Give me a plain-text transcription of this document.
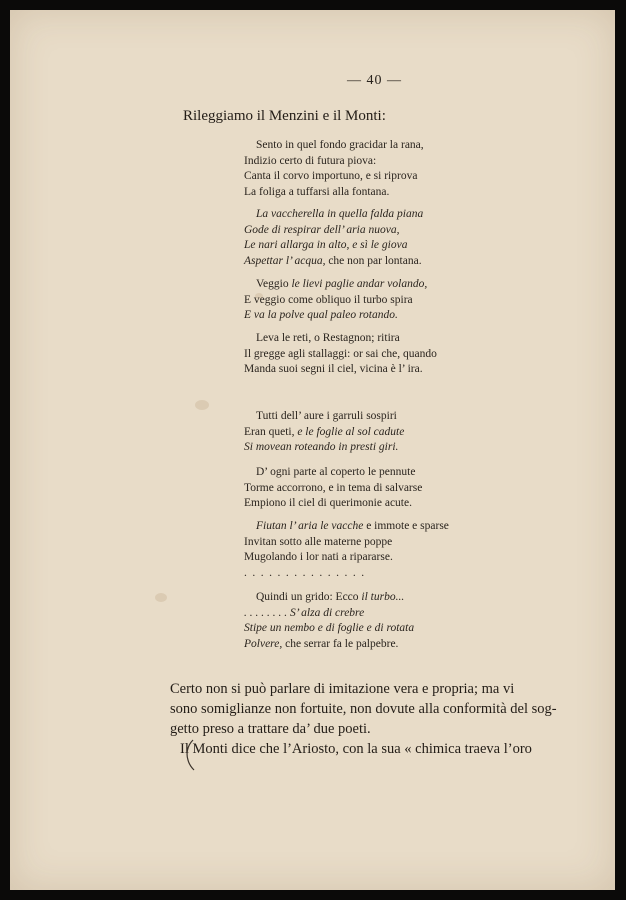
— 40 —
Rileggiamo il Menzini e il Monti:
Sento in quel fondo gracidar la rana,
Indizio certo di futura piova:
Canta il corvo importuno, e si riprova
La foliga a tuffarsi alla fontana.
La vaccherella in quella falda piana
Gode di respirar dell’ aria nuova,
Le nari allarga in alto, e sì le giova
Aspettar l’ acqua, che non par lontana.
Veggio le lievi paglie andar volando,
E veggio come obliquo il turbo spira
E va la polve qual paleo rotando.
Leva le reti, o Restagnon; ritira
Il gregge agli stallaggi: or sai che, quando
Manda suoi segni il ciel, vicina è l’ ira.
Tutti dell’ aure i garruli sospiri
Eran queti, e le foglie al sol cadute
Si movean roteando in presti giri.
D’ ogni parte al coperto le pennute
Torme accorrono, e in tema di salvarse
Empiono il ciel di querimonie acute.
Fiutan l’ aria le vacche e immote e sparse
Invitan sotto alle materne poppe
Mugolando i lor nati a ripararse.
...............
Quindi un grido: Ecco il turbo...
. . . . . . . . S’ alza di crebre
Stipe un nembo e di foglie e di rotata
Polvere, che serrar fa le palpebre.
Certo non si può parlare di imitazione vera e propria; ma vi
sono somiglianze non fortuite, non dovute alla conformità del sog-
getto preso a trattare da’ due poeti.
Il Monti dice che l’Ariosto, con la sua « chimica traeva l’oro
